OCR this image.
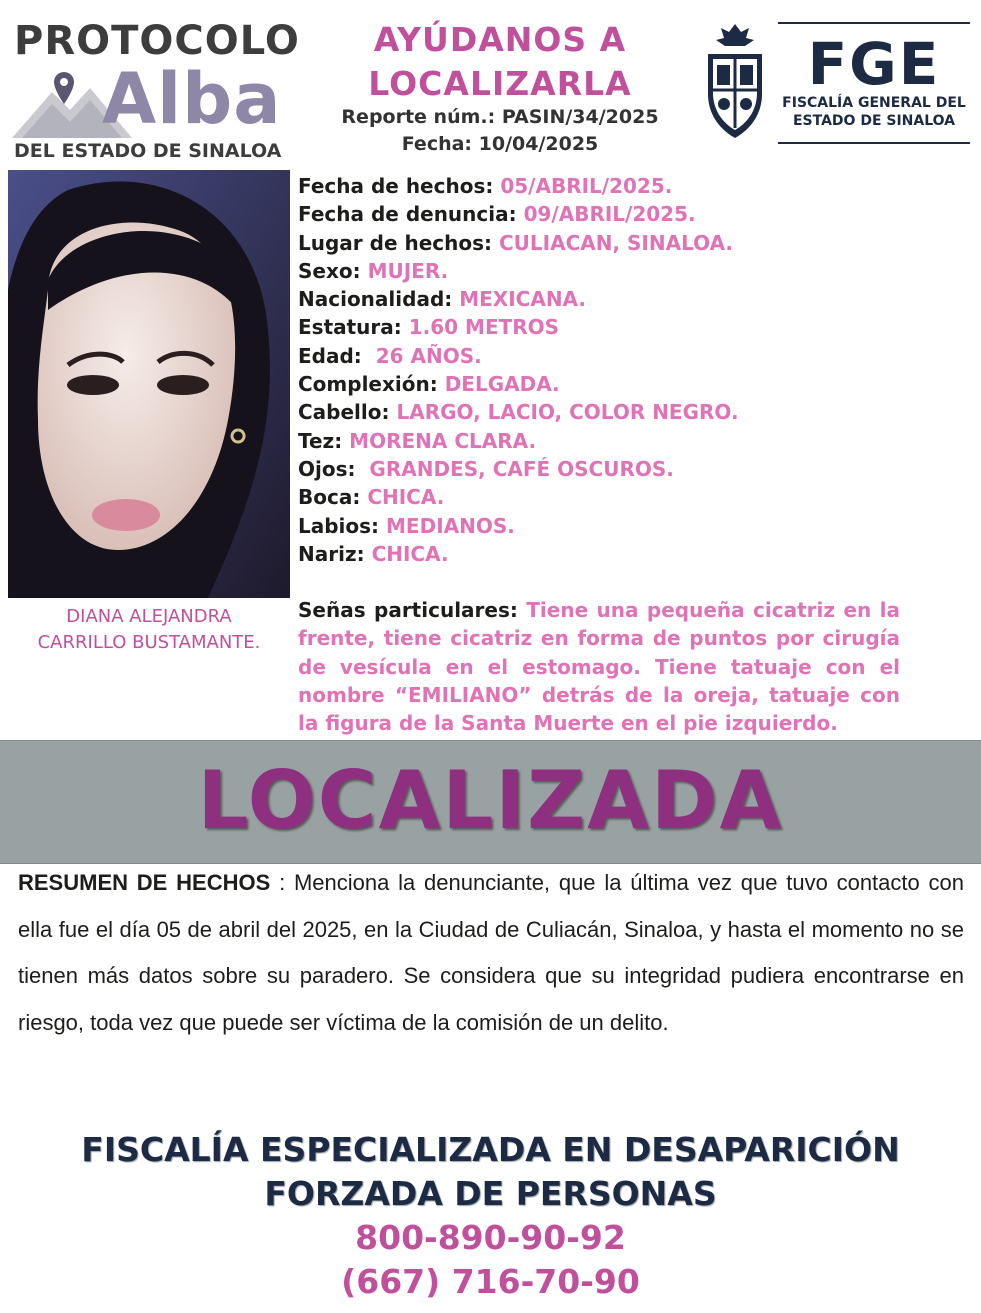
PROTOCOLO
Alba
DEL ESTADO DE SINALOA
AYÚDANOS A
LOCALIZARLA
Reporte núm.: PASIN/34/2025
Fecha: 10/04/2025
FGE
FISCALÍA GENERAL DEL
ESTADO DE SINALOA
DIANA ALEJANDRA
CARRILLO BUSTAMANTE.
Fecha de hechos: 05/ABRIL/2025.
Fecha de denuncia: 09/ABRIL/2025.
Lugar de hechos: CULIACAN, SINALOA.
Sexo: MUJER.
Nacionalidad: MEXICANA.
Estatura: 1.60 METROS
Edad:  26 AÑOS.
Complexión: DELGADA.
Cabello: LARGO, LACIO, COLOR NEGRO.
Tez: MORENA CLARA.
Ojos:  GRANDES, CAFÉ OSCUROS.
Boca: CHICA.
Labios: MEDIANOS.
Nariz: CHICA.
Señas particulares: Tiene una pequeña cicatriz en la frente, tiene cicatriz en forma de puntos por cirugía de vesícula en el estomago. Tiene tatuaje con el nombre “EMILIANO” detrás de la oreja, tatuaje con la figura de la Santa Muerte en el pie izquierdo.
LOCALIZADA
RESUMEN DE HECHOS : Menciona la denunciante, que la última vez que tuvo contacto con ella fue el día 05 de abril del 2025, en la Ciudad de Culiacán, Sinaloa, y hasta el momento no se tienen más datos sobre su paradero. Se considera que su integridad pudiera encontrarse en riesgo, toda vez que puede ser víctima de la comisión de un delito.
FISCALÍA ESPECIALIZADA EN DESAPARICIÓN
FORZADA DE PERSONAS
800-890-90-92
(667) 716-70-90
